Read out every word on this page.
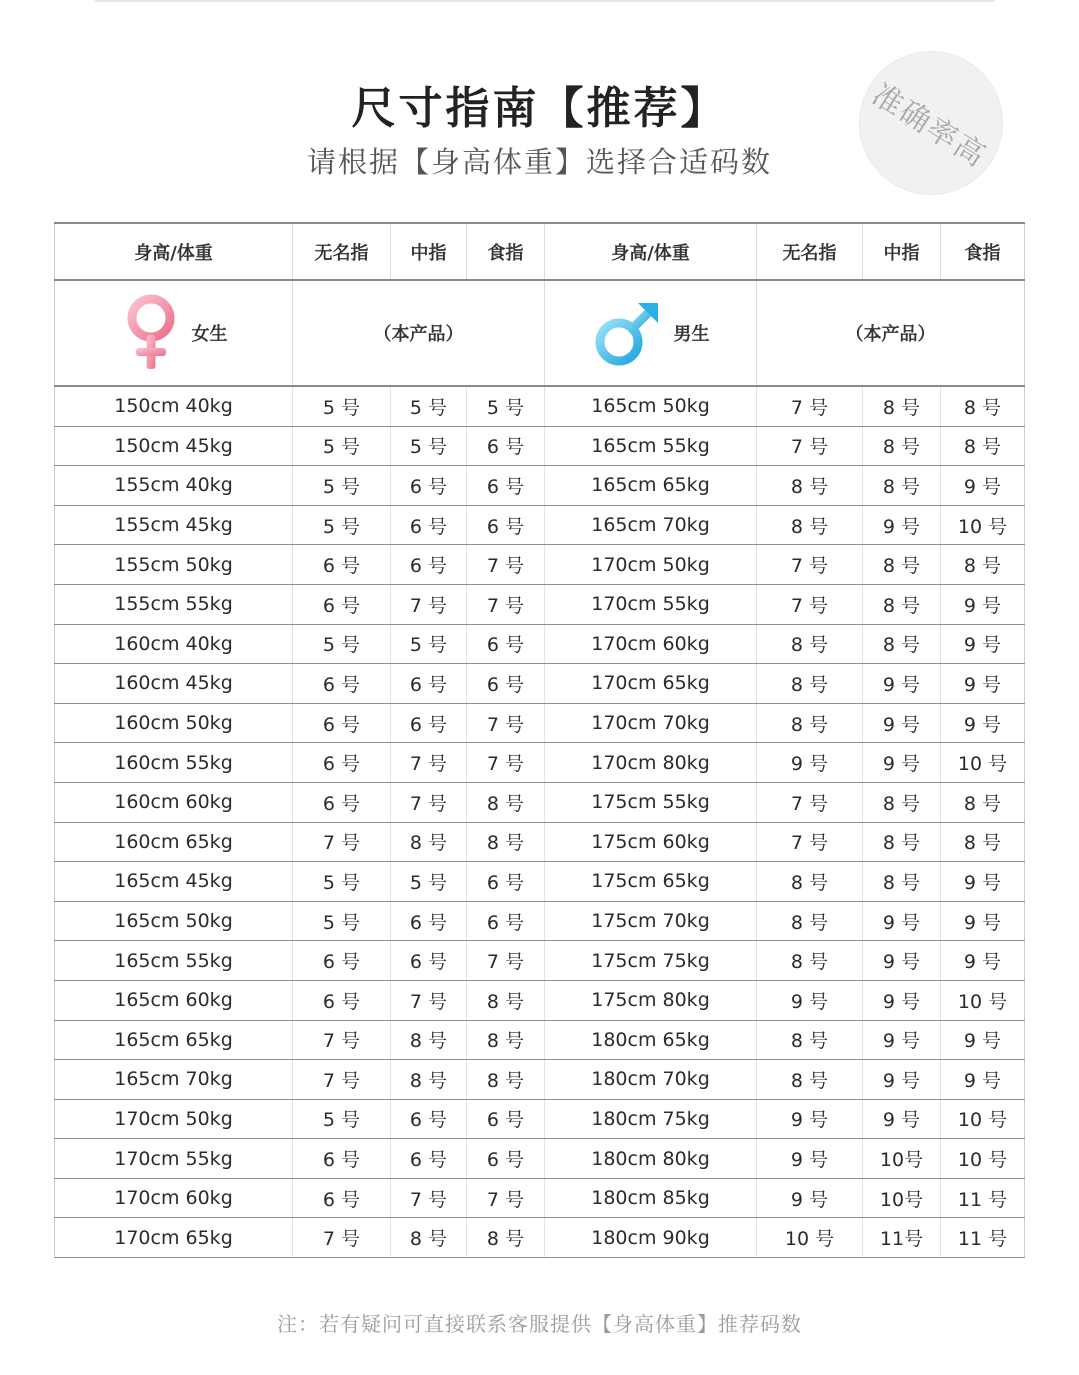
尺寸指南【推荐】
请根据【身高体重】选择合适码数	准确率高
身高/体重	无名指	中指	食指	身高/体重	无名指	中指	食指

女生	（本产品）			男生	（本产品）		
150cm 40kg	5 号	5 号	5 号	165cm 50kg	7 号	8 号	8 号
150cm 45kg	5 号	5 号	6 号	165cm 55kg	7 号	8 号	8 号
155cm 40kg	5 号	6 号	6 号	165cm 65kg	8 号	8 号	9 号
155cm 45kg	5 号	6 号	6 号	165cm 70kg	8 号	9 号	10 号
155cm 50kg	6 号	6 号	7 号	170cm 50kg	7 号	8 号	8 号
155cm 55kg	6 号	7 号	7 号	170cm 55kg	7 号	8 号	9 号
160cm 40kg	5 号	5 号	6 号	170cm 60kg	8 号	8 号	9 号
160cm 45kg	6 号	6 号	6 号	170cm 65kg	8 号	9 号	9 号
160cm 50kg	6 号	6 号	7 号	170cm 70kg	8 号	9 号	9 号
160cm 55kg	6 号	7 号	7 号	170cm 80kg	9 号	9 号	10 号
160cm 60kg	6 号	7 号	8 号	175cm 55kg	7 号	8 号	8 号
160cm 65kg	7 号	8 号	8 号	175cm 60kg	7 号	8 号	8 号
165cm 45kg	5 号	5 号	6 号	175cm 65kg	8 号	8 号	9 号
165cm 50kg	5 号	6 号	6 号	175cm 70kg	8 号	9 号	9 号
165cm 55kg	6 号	6 号	7 号	175cm 75kg	8 号	9 号	9 号
165cm 60kg	6 号	7 号	8 号	175cm 80kg	9 号	9 号	10 号
165cm 65kg	7 号	8 号	8 号	180cm 65kg	8 号	9 号	9 号
165cm 70kg	7 号	8 号	8 号	180cm 70kg	8 号	9 号	9 号
170cm 50kg	5 号	6 号	6 号	180cm 75kg	9 号	9 号	10 号
170cm 55kg	6 号	6 号	6 号	180cm 80kg	9 号	10号	10 号
170cm 60kg	6 号	7 号	7 号	180cm 85kg	9 号	10号	11 号
170cm 65kg	7 号	8 号	8 号	180cm 90kg	10 号	11号	11 号
注：若有疑问可直接联系客服提供【身高体重】推荐码数
